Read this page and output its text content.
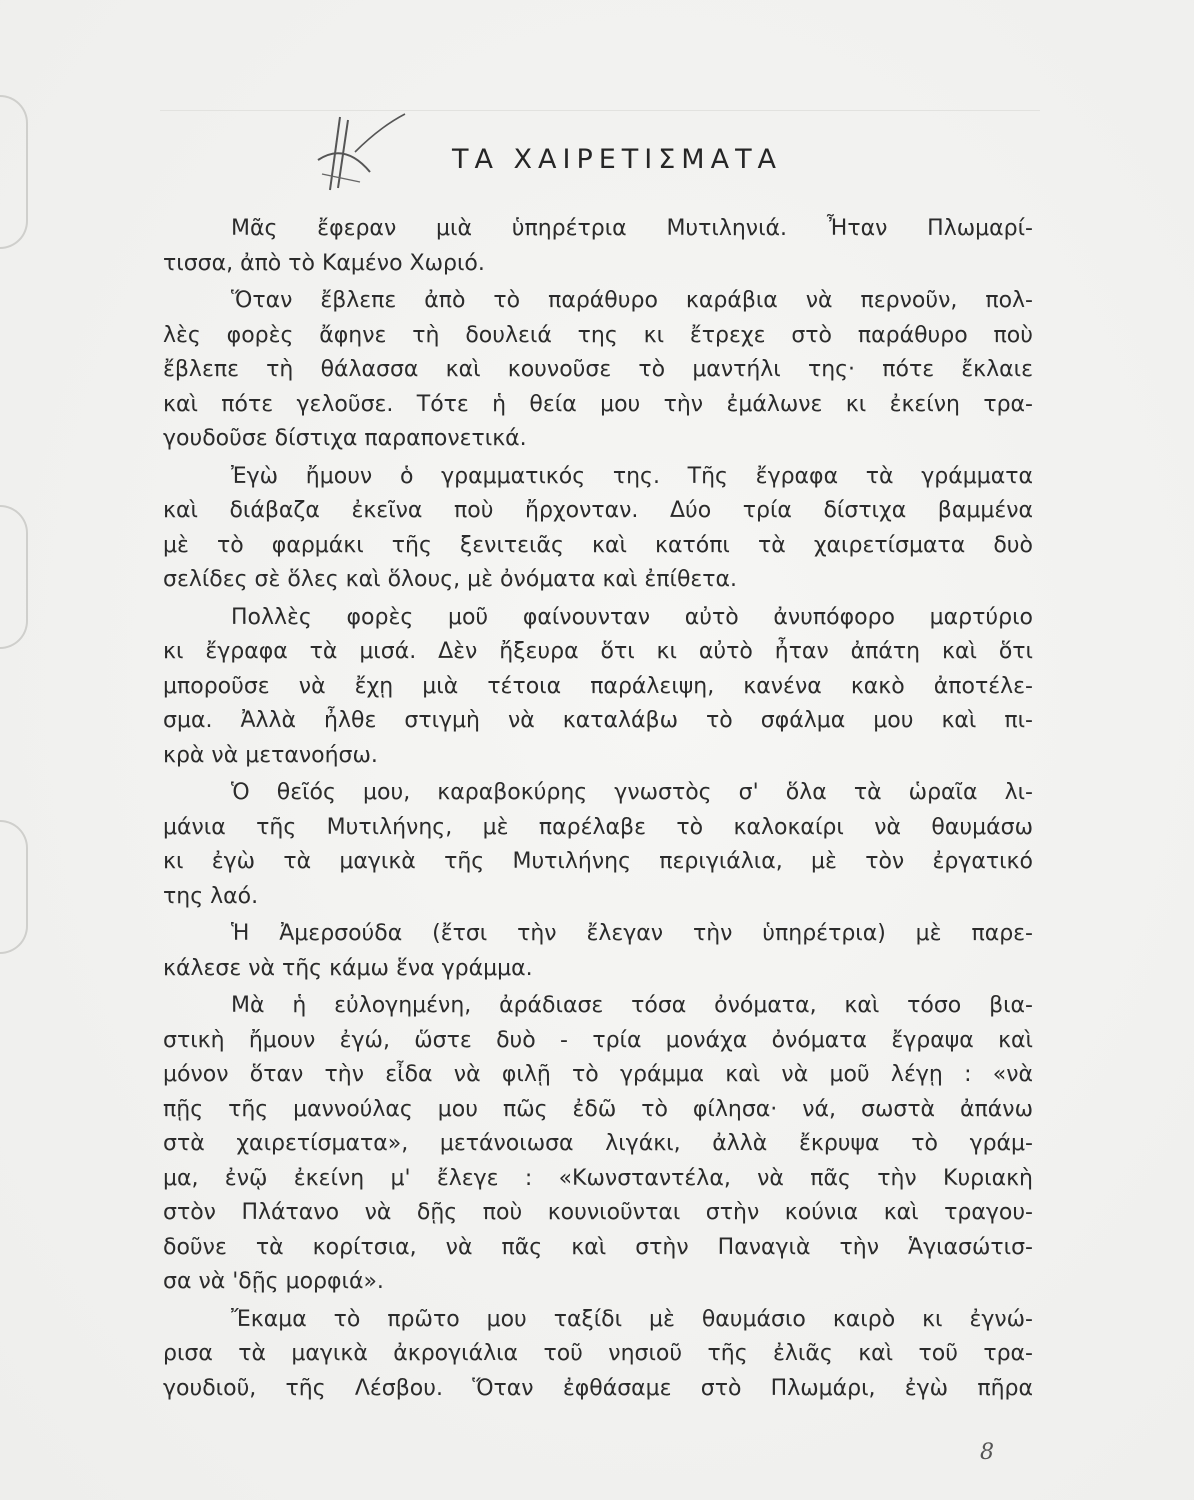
ΤΑ ΧΑΙΡΕΤΙΣΜΑΤΑ
Μᾶς ἔφεραν μιὰ ὑπηρέτρια Μυτιληνιά. Ἦταν Πλωμαρί-
τισσα, ἀπὸ τὸ Καμένο Χωριό.
Ὅταν ἔβλεπε ἀπὸ τὸ παράθυρο καράβια νὰ περνοῦν, πολ-
λὲς φορὲς ἄφηνε τὴ δουλειά της κι ἔτρεχε στὸ παράθυρο ποὺ
ἔβλεπε τὴ θάλασσα καὶ κουνοῦσε τὸ μαντήλι της· πότε ἔκλαιε
καὶ πότε γελοῦσε. Τότε ἡ θεία μου τὴν ἐμάλωνε κι ἐκείνη τρα-
γουδοῦσε δίστιχα παραπονετικά.
Ἐγὼ ἤμουν ὁ γραμματικός της. Τῆς ἔγραφα τὰ γράμματα
καὶ διάβαζα ἐκεῖνα ποὺ ἤρχονταν. Δύο τρία δίστιχα βαμμένα
μὲ τὸ φαρμάκι τῆς ξενιτειᾶς καὶ κατόπι τὰ χαιρετίσματα δυὸ
σελίδες σὲ ὅλες καὶ ὅλους, μὲ ὀνόματα καὶ ἐπίθετα.
Πολλὲς φορὲς μοῦ φαίνουνταν αὐτὸ ἀνυπόφορο μαρτύριο
κι ἔγραφα τὰ μισά. Δὲν ἤξευρα ὅτι κι αὐτὸ ἦταν ἀπάτη καὶ ὅτι
μποροῦσε νὰ ἔχῃ μιὰ τέτοια παράλειψη, κανένα κακὸ ἀποτέλε-
σμα. Ἀλλὰ ἦλθε στιγμὴ νὰ καταλάβω τὸ σφάλμα μου καὶ πι-
κρὰ νὰ μετανοήσω.
Ὁ θεῖός μου, καραβοκύρης γνωστὸς σ' ὅλα τὰ ὡραῖα λι-
μάνια τῆς Μυτιλήνης, μὲ παρέλαβε τὸ καλοκαίρι νὰ θαυμάσω
κι ἐγὼ τὰ μαγικὰ τῆς Μυτιλήνης περιγιάλια, μὲ τὸν ἐργατικό
της λαό.
Ἡ Ἀμερσούδα (ἔτσι τὴν ἔλεγαν τὴν ὑπηρέτρια) μὲ παρε-
κάλεσε νὰ τῆς κάμω ἕνα γράμμα.
Μὰ ἡ εὐλογημένη, ἀράδιασε τόσα ὀνόματα, καὶ τόσο βια-
στικὴ ἤμουν ἐγώ, ὥστε δυὸ - τρία μονάχα ὀνόματα ἔγραψα καὶ
μόνον ὅταν τὴν εἶδα νὰ φιλῇ τὸ γράμμα καὶ νὰ μοῦ λέγῃ : «νὰ
πῇς τῆς μαννούλας μου πῶς ἐδῶ τὸ φίλησα· νά, σωστὰ ἀπάνω
στὰ χαιρετίσματα», μετάνοιωσα λιγάκι, ἀλλὰ ἔκρυψα τὸ γράμ-
μα, ἐνῷ ἐκείνη μ' ἔλεγε : «Κωνσταντέλα, νὰ πᾶς τὴν Κυριακὴ
στὸν Πλάτανο νὰ δῇς ποὺ κουνιοῦνται στὴν κούνια καὶ τραγου-
δοῦνε τὰ κορίτσια, νὰ πᾶς καὶ στὴν Παναγιὰ τὴν Ἁγιασώτισ-
σα νὰ 'δῇς μορφιά».
Ἔκαμα τὸ πρῶτο μου ταξίδι μὲ θαυμάσιο καιρὸ κι ἐγνώ-
ρισα τὰ μαγικὰ ἀκρογιάλια τοῦ νησιοῦ τῆς ἐλιᾶς καὶ τοῦ τρα-
γουδιοῦ, τῆς Λέσβου. Ὅταν ἐφθάσαμε στὸ Πλωμάρι, ἐγὼ πῆρα
8
